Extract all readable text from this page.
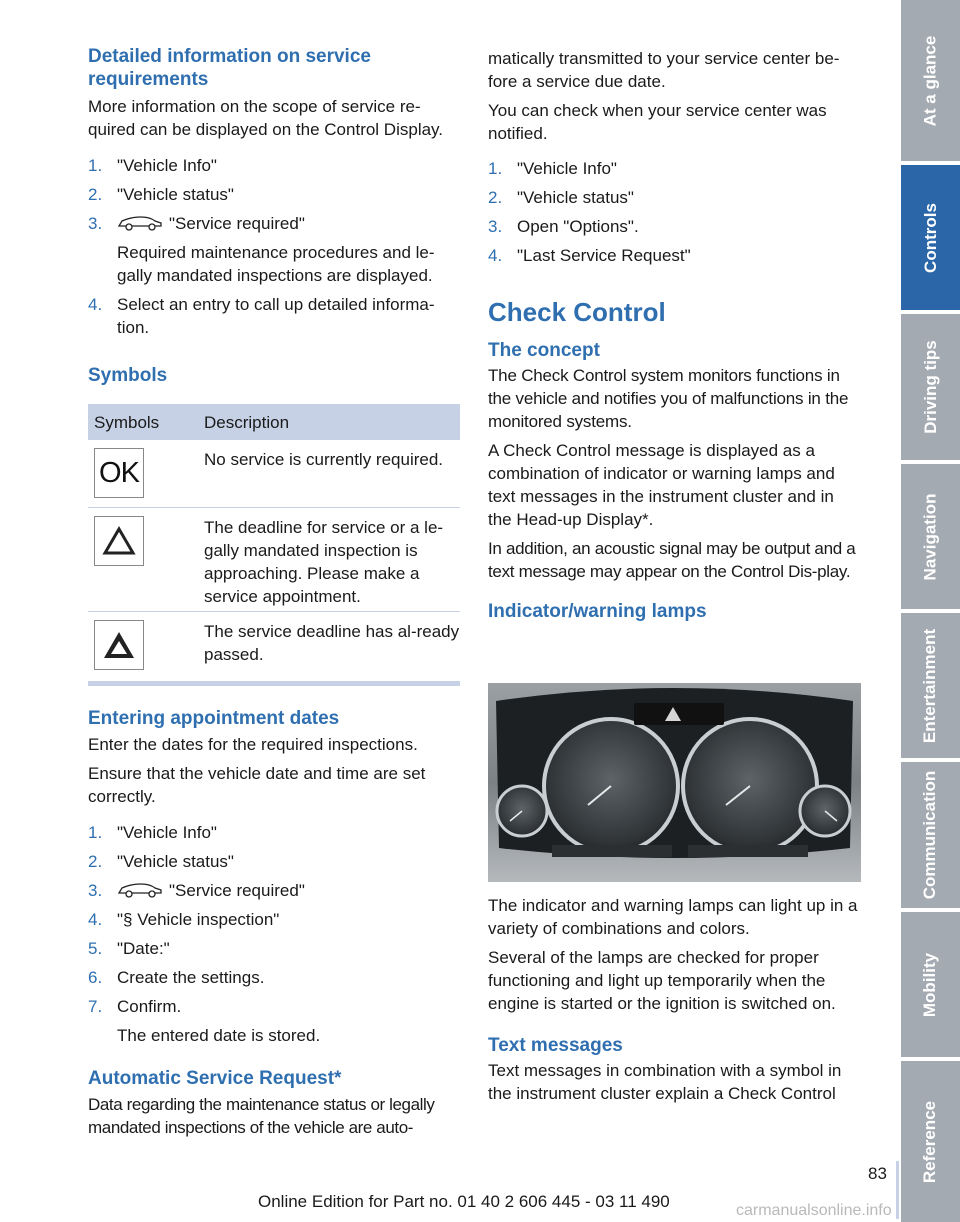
Detailed information on service requirements

More information on the scope of service re-quired can be displayed on the Control Display.

1. "Vehicle Info"
2. "Vehicle status"
3.	"Service required"
Required maintenance procedures and le-gally mandated inspections are displayed.
4. Select an entry to call up detailed informa-tion.
Symbols
Symbols	Description

OK	No service is currently required.

	The deadline for service or a le-gally mandated inspection is approaching. Please make a service appointment.

	The service deadline has al-ready passed.
Entering appointment dates

Enter the dates for the required inspections.

Ensure that the vehicle date and time are set correctly.

1. "Vehicle Info"
2. "Vehicle status"
3.	"Service required"
4. "§ Vehicle inspection"
5. "Date:"
6. Create the settings.
7. Confirm.
The entered date is stored.
Automatic Service Request*

Data regarding the maintenance status or legally mandated inspections of the vehicle are auto-

matically transmitted to your service center be-fore a service due date.

You can check when your service center was notified.

1. "Vehicle Info"
2. "Vehicle status"
3. Open "Options".
4. "Last Service Request"
Check Control
The concept

The Check Control system monitors functions in the vehicle and notifies you of malfunctions in the monitored systems.

A Check Control message is displayed as a combination of indicator or warning lamps and text messages in the instrument cluster and in the Head-up Display*.

In addition, an acoustic signal may be output and a text message may appear on the Control Dis-play.

Indicator/warning lamps

The indicator and warning lamps can light up in a variety of combinations and colors.

Several of the lamps are checked for proper functioning and light up temporarily when the engine is started or the ignition is switched on.

Text messages

Text messages in combination with a symbol in the instrument cluster explain a Check Control

At a glance
Controls
Driving tips
Navigation
Entertainment
Communication
Mobility
Reference
83
Online Edition for Part no. 01 40 2 606 445 - 03 11 490	carmanualsonline.info
